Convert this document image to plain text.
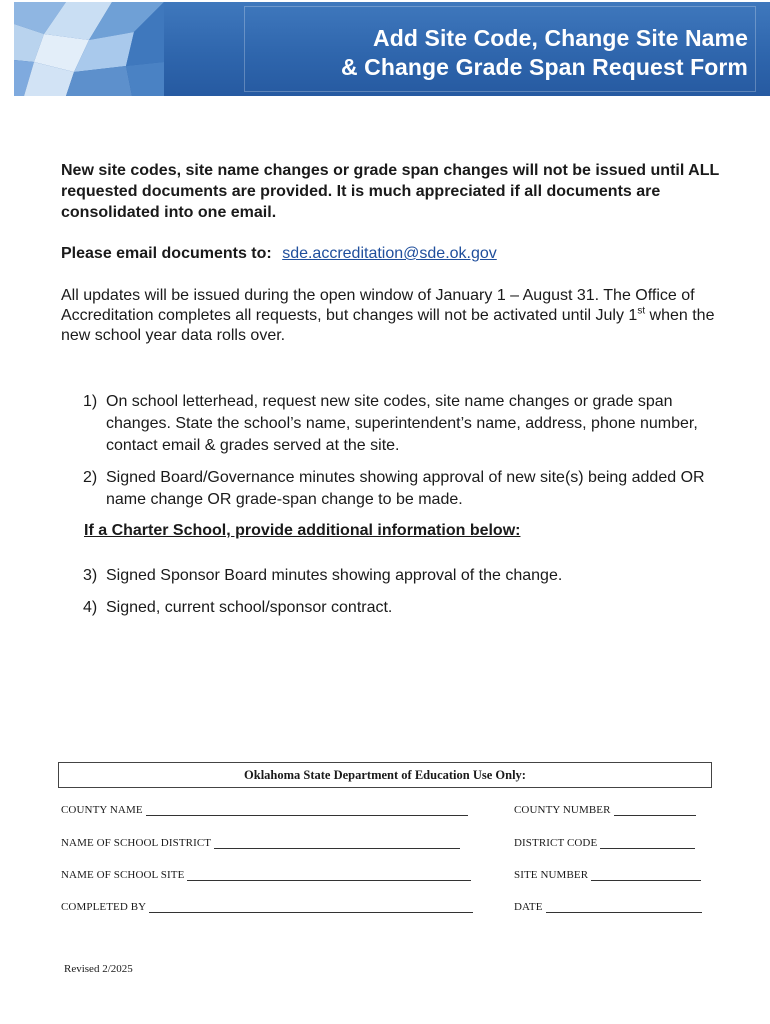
Add Site Code, Change Site Name
& Change Grade Span Request Form
New site codes, site name changes or grade span changes will not be issued until ALL requested documents are provided. It is much appreciated if all documents are consolidated into one email.
Please email documents to: sde.accreditation@sde.ok.gov
All updates will be issued during the open window of January 1 – August 31. The Office of Accreditation completes all requests, but changes will not be activated until July 1st when the new school year data rolls over.
1) On school letterhead, request new site codes, site name changes or grade span changes. State the school’s name, superintendent’s name, address, phone number, contact email & grades served at the site.
2) Signed Board/Governance minutes showing approval of new site(s) being added OR name change OR grade-span change to be made.
If a Charter School, provide additional information below:
3) Signed Sponsor Board minutes showing approval of the change.
4) Signed, current school/sponsor contract.
Oklahoma State Department of Education Use Only:
COUNTY NAME	COUNTY NUMBER
NAME OF SCHOOL DISTRICT	DISTRICT CODE
NAME OF SCHOOL SITE	SITE NUMBER
COMPLETED BY	DATE
Revised 2/2025
